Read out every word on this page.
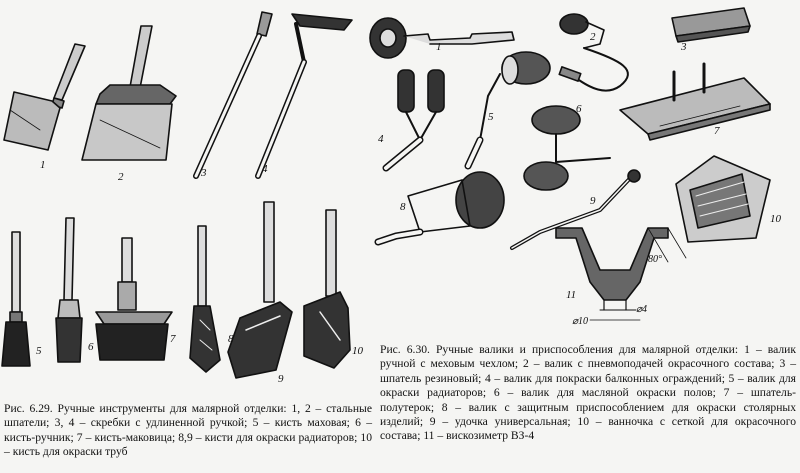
1
2	3	4
5	6
7	8
9
10
1
2
3
4
5
6
7
8	9
10
11
80°
⌀4
⌀10
Рис. 6.29. Ручные инструменты для малярной отделки: 1, 2 – стальные шпатели; 3, 4 – скребки с удлиненной ручкой; 5 – кисть маховая; 6 – кисть-ручник; 7 – кисть-маковица; 8,9 – кисти для окраски радиаторов; 10 – кисть для окраски труб
Рис. 6.30. Ручные валики и приспособления для малярной отделки: 1 – валик ручной с меховым чехлом; 2 – валик с пневмоподачей окрасочного состава; 3 – шпатель резиновый; 4 – валик для покраски балконных ограждений; 5 – валик для окраски радиаторов; 6 – валик для масляной окраски полов; 7 – шпатель-полутерок; 8 – валик с защитным приспособлением для окраски столярных изделий; 9 – удочка универсальная; 10 – ванночка с сеткой для окрасочного состава; 11 – вискозиметр ВЗ-4
